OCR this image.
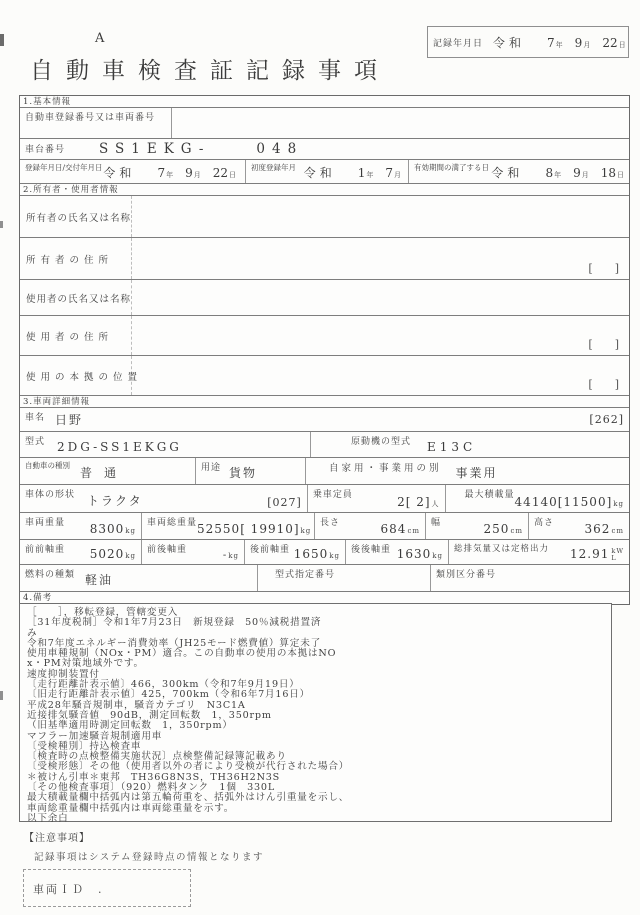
A
自動車検査証記録事項
記録年月日 令和 7 年 9 月 22 日
1.基本情報
自動車登録番号又は車両番号
車台番号	SS1EKG-	048
登録年月日/交付年月日 令和 7 年 9 月 22 日
初度登録年月 令和 1 年 7 月
有効期間の満了する日 令和 8 年 9 月 18 日
2.所有者・使用者情報
所有者の氏名又は名称
所有者の住所
[　　]
使用者の氏名又は名称
使用者の住所
[　　]
使用の本拠の位置
[　　]
3.車両詳細情報
車名 日野	[262]
型式 2DG-SS1EKGG	原動機の型式 E13C
自動車の種別
普通	用途 貨物	自家用・事業用の別 事業用
車体の形状 トラクタ	[027]
乗車定員	2[ 2]人
最大積載量 44140[11500]kg
車両重量 8300kg
車両総重量 52550[ 19910]kg
長さ	684cm
幅	250cm
高さ	362cm
前前軸重 5020kg
前後軸重	-kg
後前軸重 1650kg
後後軸重 1630kg
総排気量又は定格出力 12.91 kW
L
燃料の種類 軽油	型式指定番号	類別区分番号
4.備考
［　　］，移転登録，管轄変更入
［31年度税制］令和1年7月23日　新規登録　50％減税措置済
み
令和7年度エネルギー消費効率（JH25モード燃費値）算定未了
使用車種規制（NOx・PM）適合。この自動車の使用の本拠はNO
x・PM対策地域外です。
速度抑制装置付
〔走行距離計表示値〕466，300km（令和7年9月19日）
〔旧走行距離計表示値〕425，700km（令和6年7月16日）
平成28年騒音規制車，騒音カテゴリ　N3C1A
近接排気騒音値　90dB，測定回転数　1，350rpm
（旧基準適用時測定回転数　1，350rpm）
マフラー加速騒音規制適用車
〔受検種別〕持込検査車
〔検査時の点検整備実施状況〕点検整備記録簿記載あり
〔受検形態〕その他（使用者以外の者により受検が代行された場合）
＊被けん引車＊東邦　TH36G8N3S，TH36H2N3S
〔その他検査事項〕（920）燃料タンク　1個　330L
最大積載量欄中括弧内は第五輪荷重を、括弧外はけん引重量を示し、
車両総重量欄中括弧内は車両総重量を示す。
以下余白
【注意事項】
記録事項はシステム登録時点の情報となります
車両ＩＤ　.
